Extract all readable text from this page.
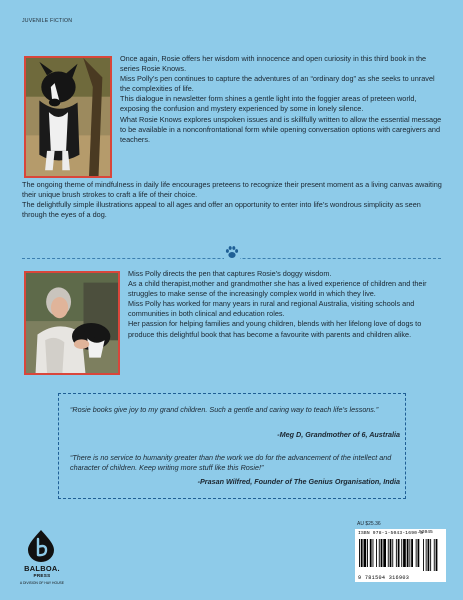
JUVENILE FICTION

Once again, Rosie offers her wisdom with innocence and open curiosity in this third book in the series Rosie Knows.

Miss Polly’s pen continues to capture the adventures of an “ordinary dog” as she seeks to unravel the complexities of life.

This dialogue in newsletter form shines a gentle light into the foggier areas of preteen world, exposing the confusion and mystery experienced by some in lonely silence.

What Rosie Knows explores unspoken issues and is skillfully written to allow the essential message to be available in a nonconfrontational form while opening conversation options with caregivers and teachers.

The ongoing theme of mindfulness in daily life encourages preteens to recognize their present moment as a living canvas awaiting their unique brush strokes to craft a life of their choice.

The delightfully simple illustrations appeal to all ages and offer an opportunity to enter into life’s wondrous simplicity as seen through the eyes of a dog.

Miss Polly directs the pen that captures Rosie’s doggy wisdom.

As a child therapist,mother and grandmother she has a lived experience of children and their struggles to make sense of the increasingly complex world in which they live.

Miss Polly has worked for many years in rural and regional Australia, visiting schools and communities in both clinical and education roles.

Her passion for helping families and young children, blends with her lifelong love of dogs to produce this delightful book that has become a favourite with parents and children alike.

“Rosie books give joy to my grand children. Such a gentle and caring way to teach life’s lessons.”
-Meg D, Grandmother of 6, Australia
“There is no service to humanity greater than the work we do for the advancement of the intellect and character of children. Keep writing more stuff like this Rosie!”
-Prasan Wilfred, Founder of The Genius Organisation, India
AU $25.36
ISBN 978-1-5043-1690-3
52045
9 781504 316903
BALBOA.
PRESS
A DIVISION OF HAY HOUSE
